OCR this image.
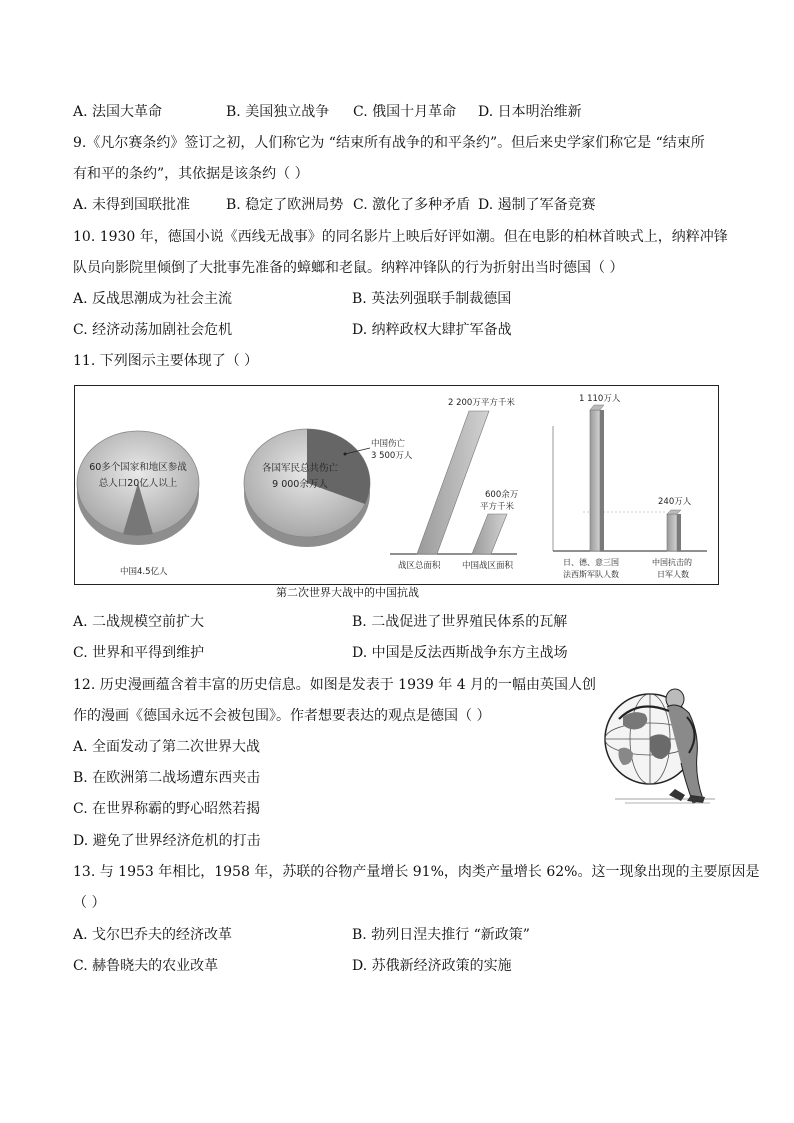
A. 法国大革命	B. 美国独立战争 C. 俄国十月革命 D. 日本明治维新
9.《凡尔赛条约》签订之初，人们称它为 “结束所有战争的和平条约”。但后来史学家们称它是 “结束所
有和平的条约”，其依据是该条约（ ）
A. 未得到国联批准	B. 稳定了欧洲局势 C. 激化了多种矛盾 D. 遏制了军备竞赛
10. 1930 年，德国小说《西线无战事》的同名影片上映后好评如潮。但在电影的柏林首映式上，纳粹冲锋
队员向影院里倾倒了大批事先准备的蟑螂和老鼠。纳粹冲锋队的行为折射出当时德国（ ）
A. 反战思潮成为社会主流	B. 英法列强联手制裁德国
C. 经济动荡加剧社会危机	D. 纳粹政权大肆扩军备战
11. 下列图示主要体现了（ ）
60多个国家和地区参战
总人口20亿人以上
中国4.5亿人
各国军民总共伤亡
9 000余万人
中国伤亡
3 500万人
2 200万平方千米
600余万
平方千米
战区总面积	中国战区面积
1 110万人
240万人
日、德、意三国
法西斯军队人数
中国抗击的
日军人数
第二次世界大战中的中国抗战
A. 二战规模空前扩大	B. 二战促进了世界殖民体系的瓦解
C. 世界和平得到维护	D. 中国是反法西斯战争东方主战场
12. 历史漫画蕴含着丰富的历史信息。如图是发表于 1939 年 4 月的一幅由英国人创
作的漫画《德国永远不会被包围》。作者想要表达的观点是德国（ ）
A. 全面发动了第二次世界大战
B. 在欧洲第二战场遭东西夹击
C. 在世界称霸的野心昭然若揭
D. 避免了世界经济危机的打击
13. 与 1953 年相比，1958 年，苏联的谷物产量增长 91%，肉类产量增长 62%。这一现象出现的主要原因是
（ ）
A. 戈尔巴乔夫的经济改革	B. 勃列日涅夫推行 “新政策”
C. 赫鲁晓夫的农业改革	D. 苏俄新经济政策的实施
